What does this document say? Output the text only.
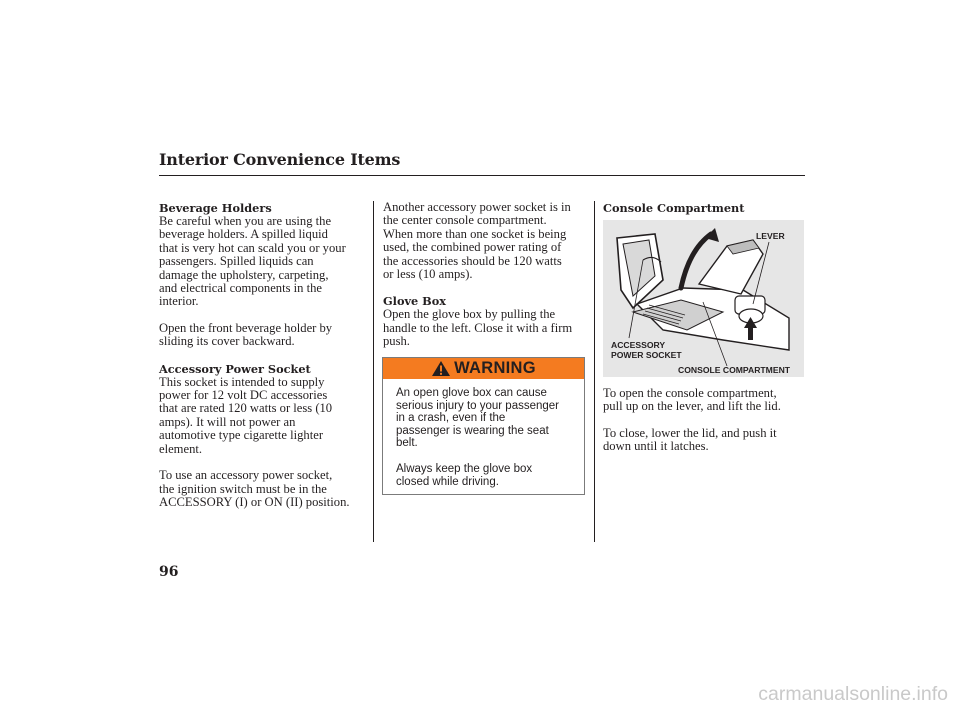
Interior Convenience Items
Beverage Holders

Be careful when you are using the
beverage holders. A spilled liquid
that is very hot can scald you or your
passengers. Spilled liquids can
damage the upholstery, carpeting,
and electrical components in the
interior.

Open the front beverage holder by
sliding its cover backward.

Accessory Power Socket

This socket is intended to supply
power for 12 volt DC accessories
that are rated 120 watts or less (10
amps). It will not power an
automotive type cigarette lighter
element.

To use an accessory power socket,
the ignition switch must be in the
ACCESSORY (I) or ON (II) position.

Another accessory power socket is in
the center console compartment.
When more than one socket is being
used, the combined power rating of
the accessories should be 120 watts
or less (10 amps).

Glove Box

Open the glove box by pulling the
handle to the left. Close it with a firm
push.

WARNING

An open glove box can cause
serious injury to your passenger
in a crash, even if the
passenger is wearing the seat
belt.

Always keep the glove box
closed while driving.

Console Compartment

LEVER

ACCESSORY
POWER SOCKET

CONSOLE COMPARTMENT

To open the console compartment,
pull up on the lever, and lift the lid.

To close, lower the lid, and push it
down until it latches.

96

carmanualsonline.info
